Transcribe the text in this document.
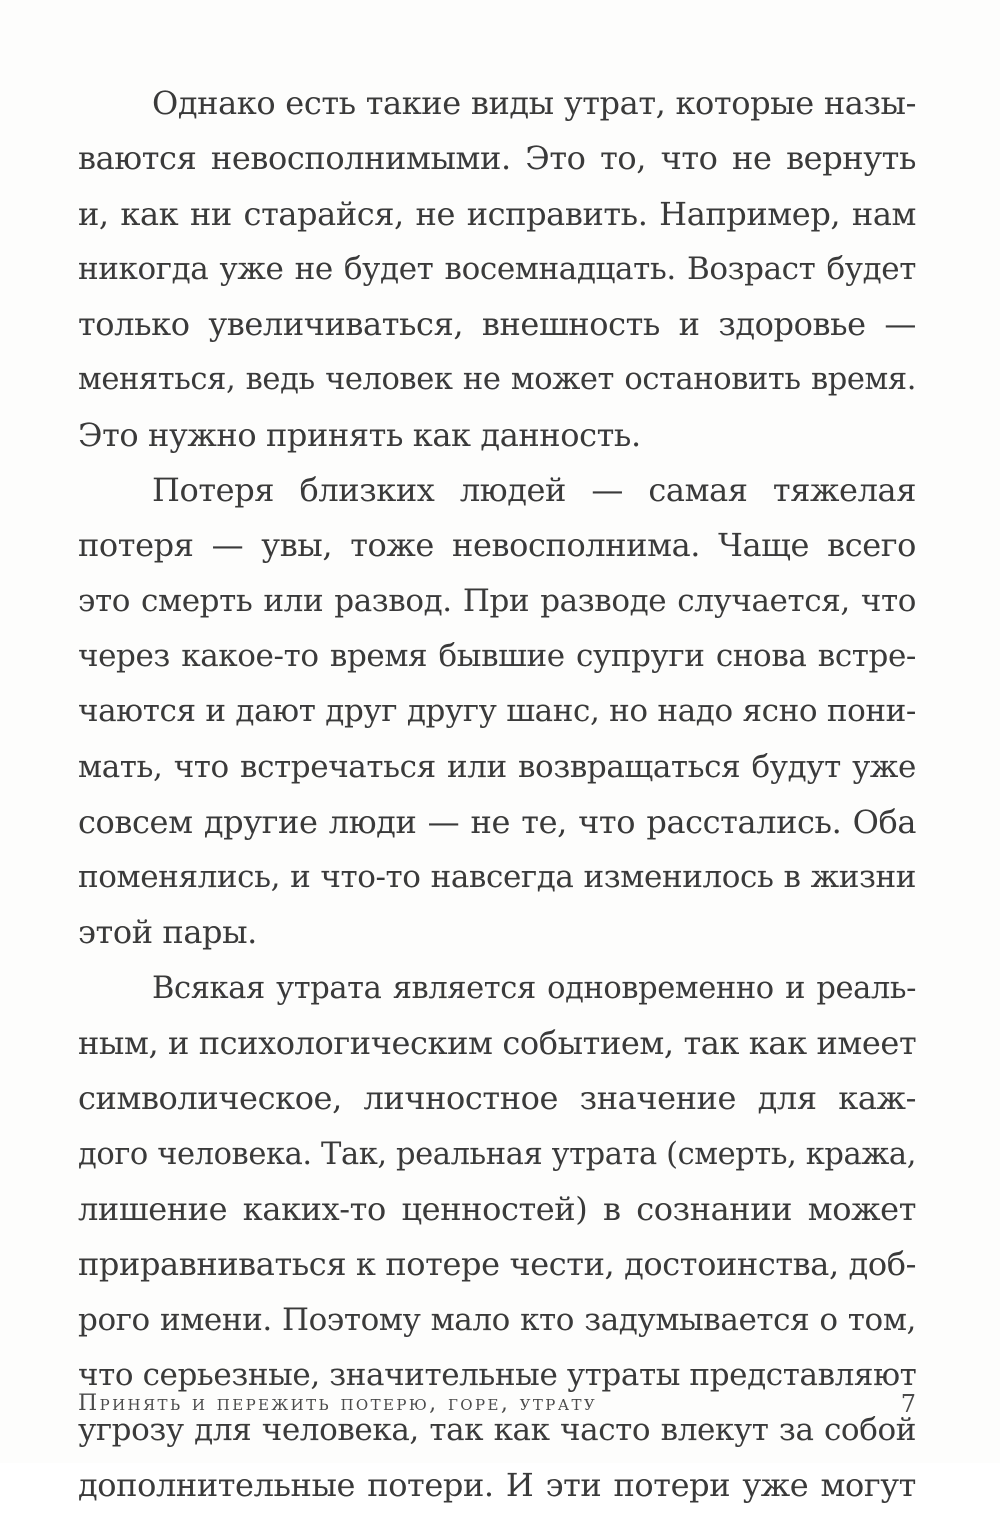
Однако есть такие виды утрат, которые назы-
ваются невосполнимыми. Это то, что не вернуть
и, как ни старайся, не исправить. Например, нам
никогда уже не будет восемнадцать. Возраст будет
только увеличиваться, внешность и здоровье —
меняться, ведь человек не может остановить время.
Это нужно принять как данность.
Потеря близких людей — самая тяжелая
потеря — увы, тоже невосполнима. Чаще всего
это смерть или развод. При разводе случается, что
через какое-то время бывшие супруги снова встре-
чаются и дают друг другу шанс, но надо ясно пони-
мать, что встречаться или возвращаться будут уже
совсем другие люди — не те, что расстались. Оба
поменялись, и что-то навсегда изменилось в жизни
этой пары.
Всякая утрата является одновременно и реаль-
ным, и психологическим событием, так как имеет
символическое, личностное значение для каж-
дого человека. Так, реальная утрата (смерть, кража,
лишение каких-то ценностей) в сознании может
приравниваться к потере чести, достоинства, доб-
рого имени. Поэтому мало кто задумывается о том,
что серьезные, значительные утраты представляют
угрозу для человека, так как часто влекут за собой
дополнительные потери. И эти потери уже могут
Принять и пережить потерю, горе, утрату	7
